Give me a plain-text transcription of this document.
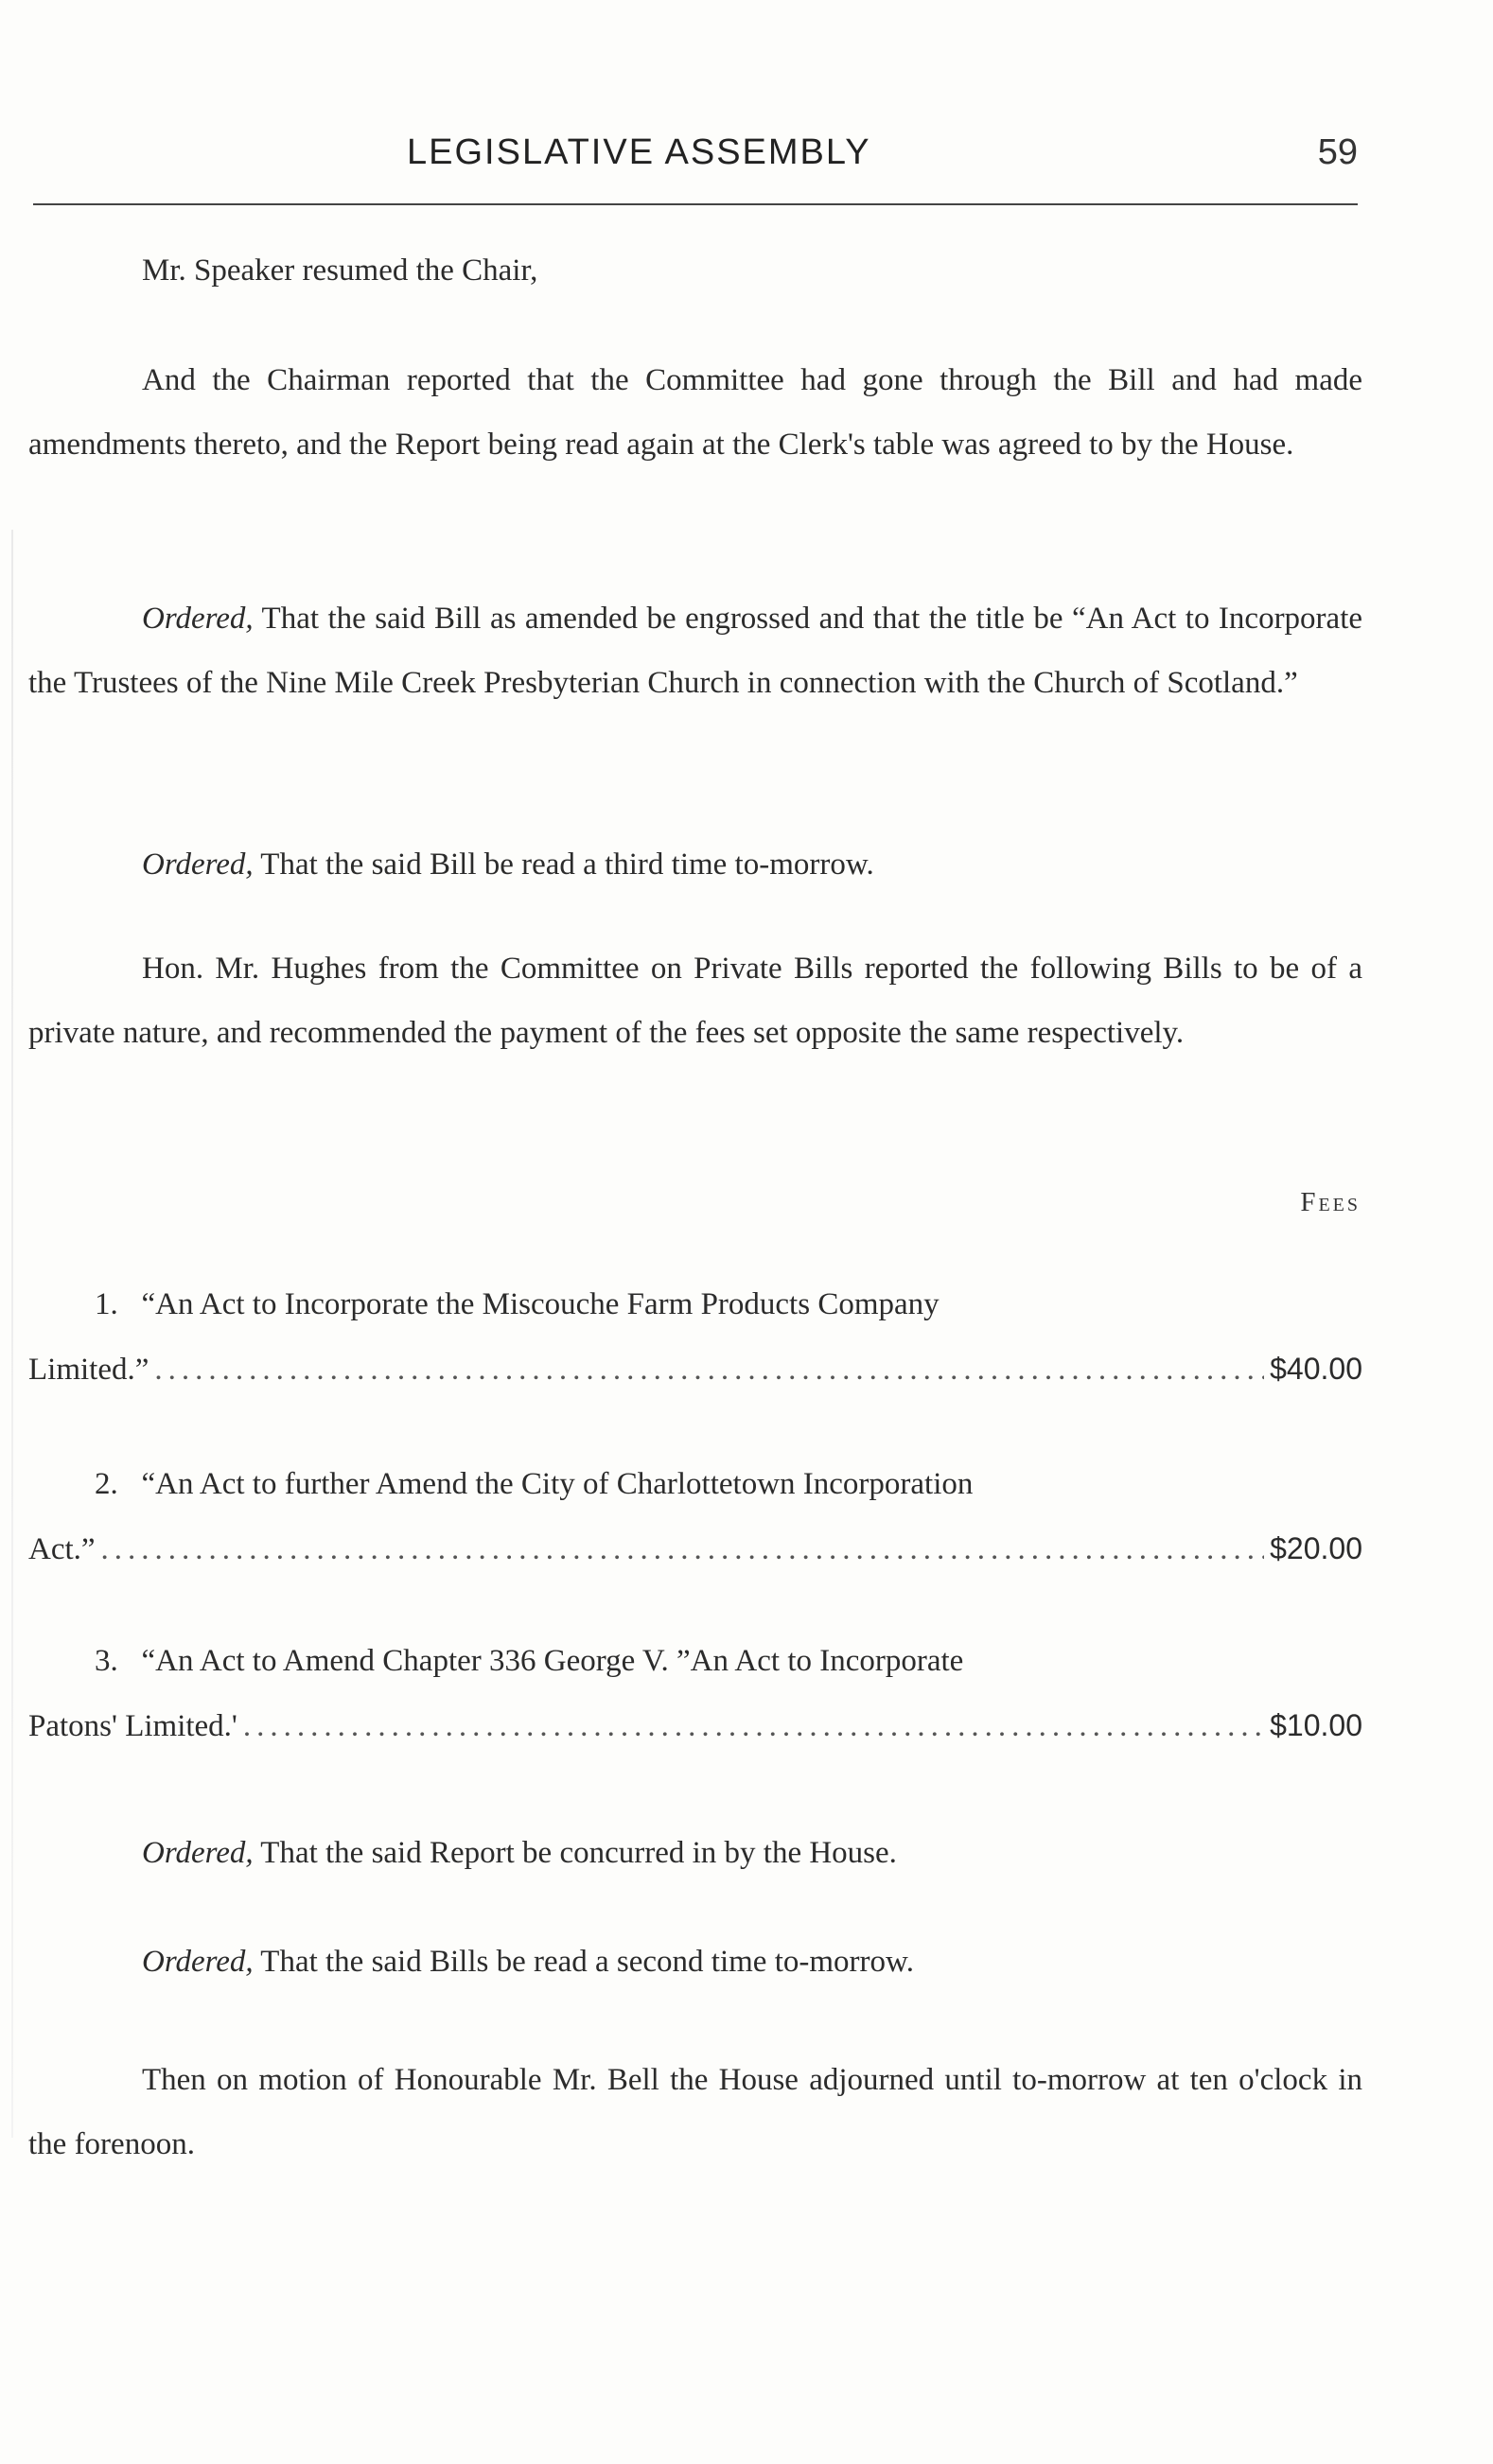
LEGISLATIVE ASSEMBLY	59
Mr. Speaker resumed the Chair,
And the Chairman reported that the Committee had gone through the Bill and had made amendments thereto, and the Report being read again at the Clerk's table was agreed to by the House.
Ordered, That the said Bill as amended be engrossed and that the title be “An Act to Incorporate the Trustees of the Nine Mile Creek Presbyterian Church in connection with the Church of Scotland.”
Ordered, That the said Bill be read a third time to-morrow.
Hon. Mr. Hughes from the Committee on Private Bills reported the following Bills to be of a private nature, and recommended the payment of the fees set opposite the same respectively.
Fees
1. “An Act to Incorporate the Miscouche Farm Products Company
Limited.” .....	$40.00
2. “An Act to further Amend the City of Charlottetown Incorporation
Act.” .....	$20.00
3. “An Act to Amend Chapter 336 George V. ”An Act to Incorporate
Patons' Limited.' .....	$10.00
Ordered, That the said Report be concurred in by the House.
Ordered, That the said Bills be read a second time to-morrow.
Then on motion of Honourable Mr. Bell the House adjourned until to-morrow at ten o'clock in the forenoon.
